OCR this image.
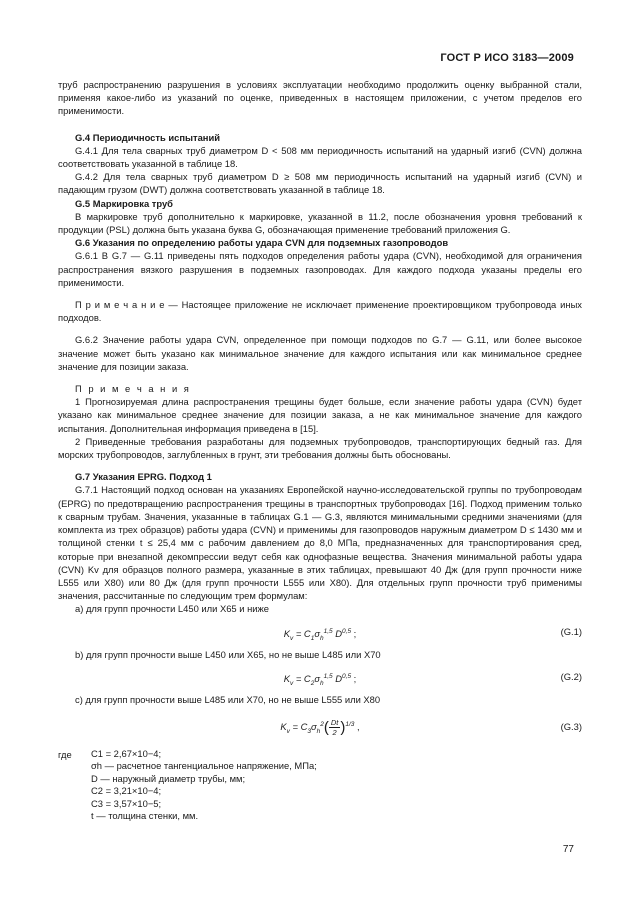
ГОСТ Р ИСО 3183—2009

труб распространению разрушения в условиях эксплуатации необходимо продолжить оценку выбранной стали, применяя какое-либо из указаний по оценке, приведенных в настоящем приложении, с учетом пределов его применимости.

G.4 Периодичность испытаний

G.4.1 Для тела сварных труб диаметром D < 508 мм периодичность испытаний на ударный изгиб (CVN) должна соответствовать указанной в таблице 18.

G.4.2 Для тела сварных труб диаметром D ≥ 508 мм периодичность испытаний на ударный изгиб (CVN) и падающим грузом (DWT) должна соответствовать указанной в таблице 18.

G.5 Маркировка труб

В маркировке труб дополнительно к маркировке, указанной в 11.2, после обозначения уровня требований к продукции (PSL) должна быть указана буква G, обозначающая применение требований приложения G.

G.6 Указания по определению работы удара CVN для подземных газопроводов

G.6.1 В G.7 — G.11 приведены пять подходов определения работы удара (CVN), необходимой для ограничения распространения вязкого разрушения в подземных газопроводах. Для каждого подхода указаны пределы его применимости.

П р и м е ч а н и е — Настоящее приложение не исключает применение проектировщиком трубопровода иных подходов.

G.6.2 Значение работы удара CVN, определенное при помощи подходов по G.7 — G.11, или более высокое значение может быть указано как минимальное значение для каждого испытания или как минимальное среднее значение для позиции заказа.

П р и м е ч а н и я

1 Прогнозируемая длина распространения трещины будет больше, если значение работы удара (CVN) будет указано как минимальное среднее значение для позиции заказа, а не как минимальное значение для каждого испытания. Дополнительная информация приведена в [15].

2 Приведенные требования разработаны для подземных трубопроводов, транспортирующих бедный газ. Для морских трубопроводов, заглубленных в грунт, эти требования должны быть обоснованы.

G.7 Указания EPRG. Подход 1

G.7.1 Настоящий подход основан на указаниях Европейской научно-исследовательской группы по трубопроводам (EPRG) по предотвращению распространения трещины в транспортных трубопроводах [16]. Подход применим только к сварным трубам. Значения, указанные в таблицах G.1 — G.3, являются минимальными средними значениями (для комплекта из трех образцов) работы удара (CVN) и применимы для газопроводов наружным диаметром D ≤ 1430 мм и толщиной стенки t ≤ 25,4 мм с рабочим давлением до 8,0 МПа, предназначенных для транспортирования сред, которые при внезапной декомпрессии ведут себя как однофазные вещества. Значения минимальной работы удара (CVN) Kv для образцов полного размера, указанные в этих таблицах, превышают 40 Дж (для групп прочности ниже L555 или X80) или 80 Дж (для групп прочности L555 или X80). Для отдельных групп прочности труб применимы значения, рассчитанные по следующим трем формулам:

а) для групп прочности L450 или X65 и ниже

$K_v = C_1\sigma_h^{1,5}$ D$^{0,5}$ ;	(G.1)

b) для групп прочности выше L450 или X65, но не выше L485 или X70

$K_v = C_2\sigma_h^{1,5}$ D$^{0,5}$ ;	(G.2)

c) для групп прочности выше L485 или X70, но не выше L555 или X80

$K_v = C_3\sigma_h^2( \frac{Dt}{2} )^{1/3}$ ,	(G.3)
где	C1 = 2,67×10−4;
σh — расчетное тангенциальное напряжение, МПа;
D — наружный диаметр трубы, мм;
C2 = 3,21×10−4;
C3 = 3,57×10−5;
t — толщина стенки, мм.
77
